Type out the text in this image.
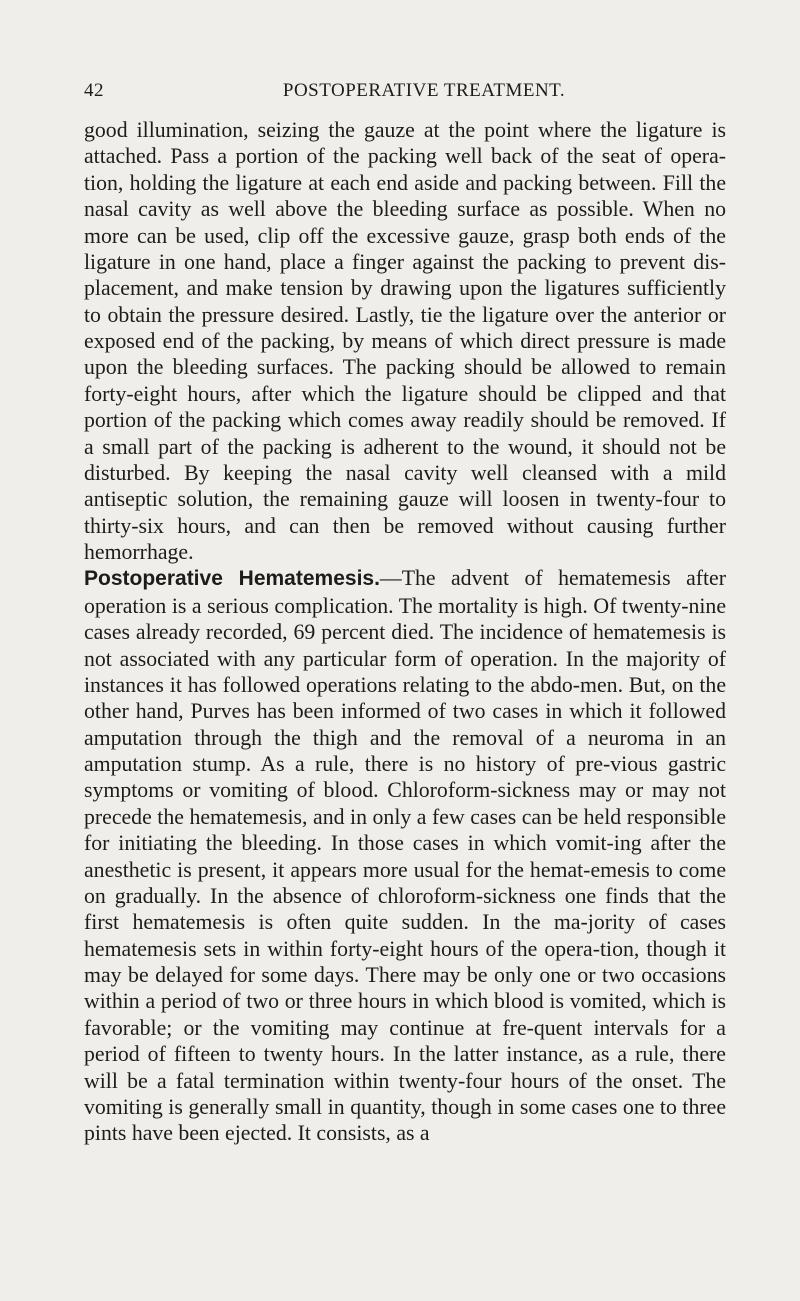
42	POSTOPERATIVE TREATMENT.

good illumination, seizing the gauze at the point where the ligature is attached. Pass a portion of the packing well back of the seat of opera-tion, holding the ligature at each end aside and packing between. Fill the nasal cavity as well above the bleeding surface as possible. When no more can be used, clip off the excessive gauze, grasp both ends of the ligature in one hand, place a finger against the packing to prevent dis-placement, and make tension by drawing upon the ligatures sufficiently to obtain the pressure desired. Lastly, tie the ligature over the anterior or exposed end of the packing, by means of which direct pressure is made upon the bleeding surfaces. The packing should be allowed to remain forty-eight hours, after which the ligature should be clipped and that portion of the packing which comes away readily should be removed. If a small part of the packing is adherent to the wound, it should not be disturbed. By keeping the nasal cavity well cleansed with a mild antiseptic solution, the remaining gauze will loosen in twenty-four to thirty-six hours, and can then be removed without causing further hemorrhage.

Postoperative Hematemesis.—The advent of hematemesis after operation is a serious complication. The mortality is high. Of twenty-nine cases already recorded, 69 percent died. The incidence of hematemesis is not associated with any particular form of operation. In the majority of instances it has followed operations relating to the abdo-men. But, on the other hand, Purves has been informed of two cases in which it followed amputation through the thigh and the removal of a neuroma in an amputation stump. As a rule, there is no history of pre-vious gastric symptoms or vomiting of blood. Chloroform-sickness may or may not precede the hematemesis, and in only a few cases can be held responsible for initiating the bleeding. In those cases in which vomit-ing after the anesthetic is present, it appears more usual for the hemat-emesis to come on gradually. In the absence of chloroform-sickness one finds that the first hematemesis is often quite sudden. In the ma-jority of cases hematemesis sets in within forty-eight hours of the opera-tion, though it may be delayed for some days. There may be only one or two occasions within a period of two or three hours in which blood is vomited, which is favorable; or the vomiting may continue at fre-quent intervals for a period of fifteen to twenty hours. In the latter instance, as a rule, there will be a fatal termination within twenty-four hours of the onset. The vomiting is generally small in quantity, though in some cases one to three pints have been ejected. It consists, as a
